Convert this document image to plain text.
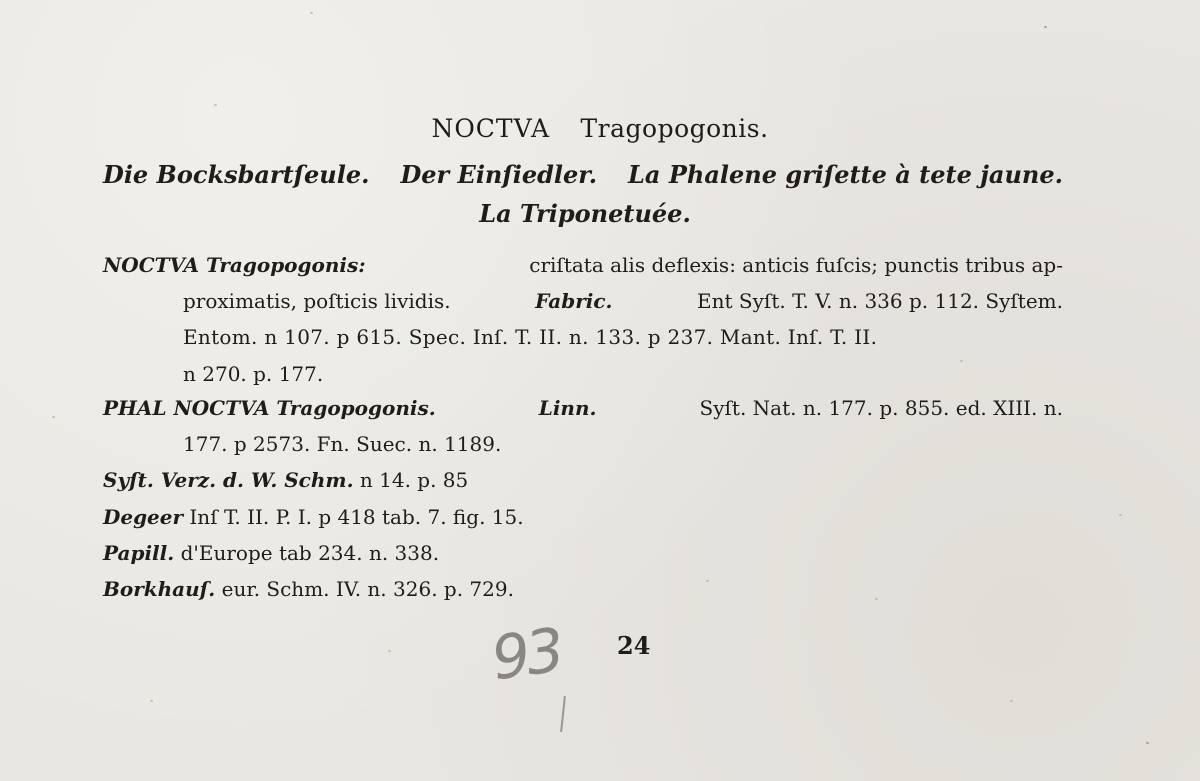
NOCTVA Tragopogonis.
Die Bocksbartſeule. Der Einſiedler. La Phalene griſette à tete jaune.
La Triponetuée.
NOCTVA Tragopogonis:	criſtata alis deflexis: anticis fuſcis; punctis tribus ap-
proximatis, poſticis lividis.	Fabric.	Ent Syſt. T. V. n. 336 p. 112. Syſtem.
Entom. n 107. p 615. Spec. Inſ. T. II. n. 133. p 237. Mant. Inſ. T. II.
n 270. p. 177.
PHAL NOCTVA Tragopogonis.	Linn.	Syſt. Nat. n. 177. p. 855. ed. XIII. n.
177. p 2573. Fn. Suec. n. 1189.
Syſt. Verz. d. W. Schm. n 14. p. 85
Degeer Inſ T. II. P. I. p 418 tab. 7. fig. 15.
Papill. d'Europe tab 234. n. 338.
Borkhauſ. eur. Schm. IV. n. 326. p. 729.
93 24
